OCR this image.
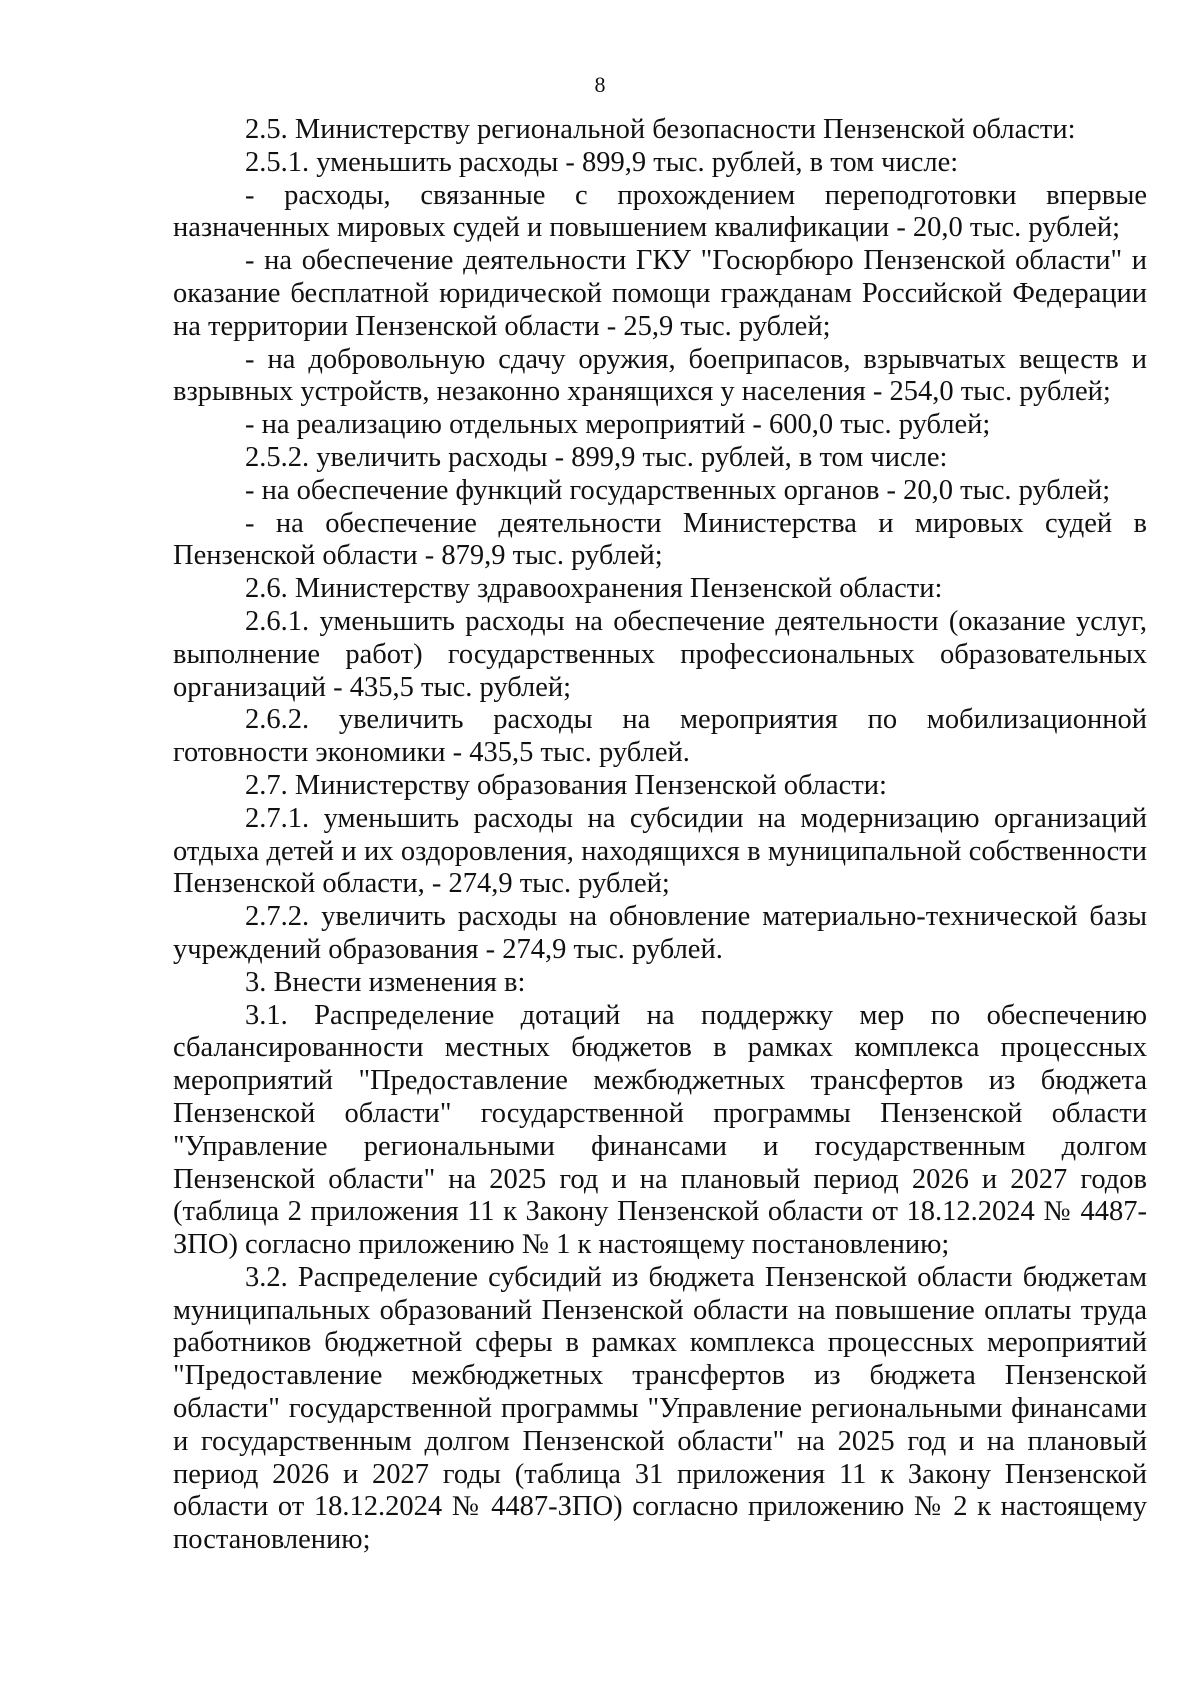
8

2.5. Министерству региональной безопасности Пензенской области:

2.5.1. уменьшить расходы - 899,9 тыс. рублей, в том числе:

- расходы, связанные с прохождением переподготовки впервые назначенных мировых судей и повышением квалификации - 20,0 тыс. рублей;

- на обеспечение деятельности ГКУ "Госюрбюро Пензенской области" и оказание бесплатной юридической помощи гражданам Российской Федерации на территории Пензенской области - 25,9 тыс. рублей;

- на добровольную сдачу оружия, боеприпасов, взрывчатых веществ и взрывных устройств, незаконно хранящихся у населения - 254,0 тыс. рублей;

- на реализацию отдельных мероприятий - 600,0 тыс. рублей;

2.5.2. увеличить расходы - 899,9 тыс. рублей, в том числе:

- на обеспечение функций государственных органов - 20,0 тыс. рублей;

- на обеспечение деятельности Министерства и мировых судей в Пензенской области - 879,9 тыс. рублей;

2.6. Министерству здравоохранения Пензенской области:

2.6.1. уменьшить расходы на обеспечение деятельности (оказание услуг, выполнение работ) государственных профессиональных образовательных организаций - 435,5 тыс. рублей;

2.6.2. увеличить расходы на мероприятия по мобилизационной готовности экономики - 435,5 тыс. рублей.

2.7. Министерству образования Пензенской области:

2.7.1. уменьшить расходы на субсидии на модернизацию организаций отдыха детей и их оздоровления, находящихся в муниципальной собственности Пензенской области, - 274,9 тыс. рублей;

2.7.2. увеличить расходы на обновление материально-технической базы учреждений образования - 274,9 тыс. рублей.

3. Внести изменения в:

3.1. Распределение дотаций на поддержку мер по обеспечению сбалансированности местных бюджетов в рамках комплекса процессных мероприятий "Предоставление межбюджетных трансфертов из бюджета Пензенской области" государственной программы Пензенской области "Управление региональными финансами и государственным долгом Пензенской области" на 2025 год и на плановый период 2026 и 2027 годов (таблица 2 приложения 11 к Закону Пензенской области от 18.12.2024 № 4487-ЗПО) согласно приложению № 1 к настоящему постановлению;

3.2. Распределение субсидий из бюджета Пензенской области бюджетам муниципальных образований Пензенской области на повышение оплаты труда работников бюджетной сферы в рамках комплекса процессных мероприятий "Предоставление межбюджетных трансфертов из бюджета Пензенской области" государственной программы "Управление региональными финансами и государственным долгом Пензенской области" на 2025 год и на плановый период 2026 и 2027 годы (таблица 31 приложения 11 к Закону Пензенской области от 18.12.2024 № 4487-ЗПО) согласно приложению № 2 к настоящему постановлению;
